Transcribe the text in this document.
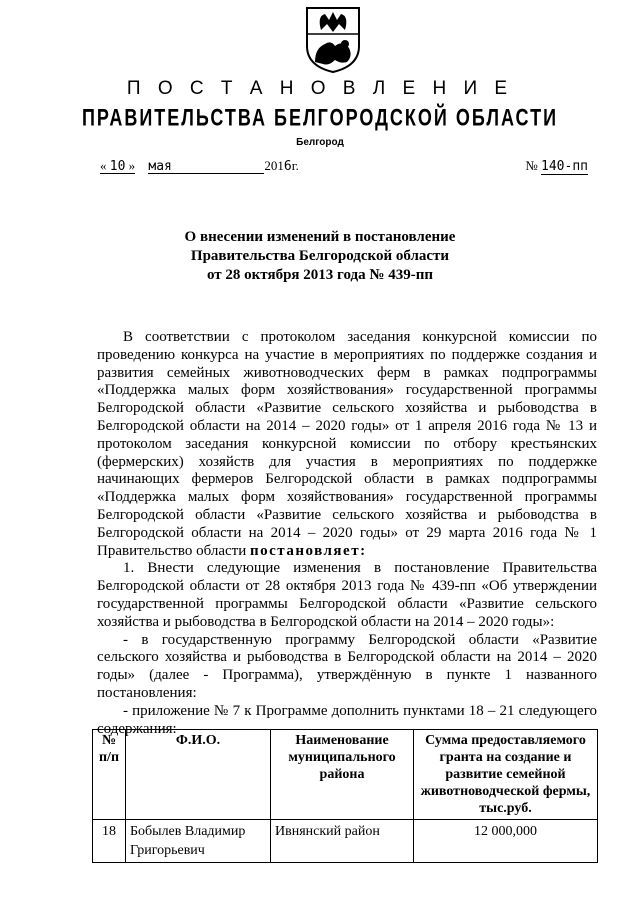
П О С Т А Н О В Л Е Н И Е
ПРАВИТЕЛЬСТВА БЕЛГОРОДСКОЙ ОБЛАСТИ
Белгород
« 10 » мая	2016г.	№ 140-пп
О внесении изменений в постановление
Правительства Белгородской области
от 28 октября 2013 года № 439-пп

В соответствии с протоколом заседания конкурсной комиссии по проведению конкурса на участие в мероприятиях по поддержке создания и развития семейных животноводческих ферм в рамках подпрограммы «Поддержка малых форм хозяйствования» государственной программы Белгородской области «Развитие сельского хозяйства и рыбоводства в Белгородской области на 2014 – 2020 годы» от 1 апреля 2016 года № 13 и протоколом заседания конкурсной комиссии по отбору крестьянских (фермерских) хозяйств для участия в мероприятиях по поддержке начинающих фермеров Белгородской области в рамках подпрограммы «Поддержка малых форм хозяйствования» государственной программы Белгородской области «Развитие сельского хозяйства и рыбоводства в Белгородской области на 2014 – 2020 годы» от 29 марта 2016 года № 1 Правительство области постановляет:

1. Внести следующие изменения в постановление Правительства Белгородской области от 28 октября 2013 года № 439-пп «Об утверждении государственной программы Белгородской области «Развитие сельского хозяйства и рыбоводства в Белгородской области на 2014 – 2020 годы»:

- в государственную программу Белгородской области «Развитие сельского хозяйства и рыбоводства в Белгородской области на 2014 – 2020 годы» (далее - Программа), утверждённую в пункте 1 названного постановления:

- приложение № 7 к Программе дополнить пунктами 18 – 21 следующего содержания:

№ п/п	Ф.И.О.	Наименование муниципального района	Сумма предоставляемого гранта на создание и развитие семейной животноводческой фермы, тыс.руб.
18	Бобылев Владимир Григорьевич	Ивнянский район	12 000,000
